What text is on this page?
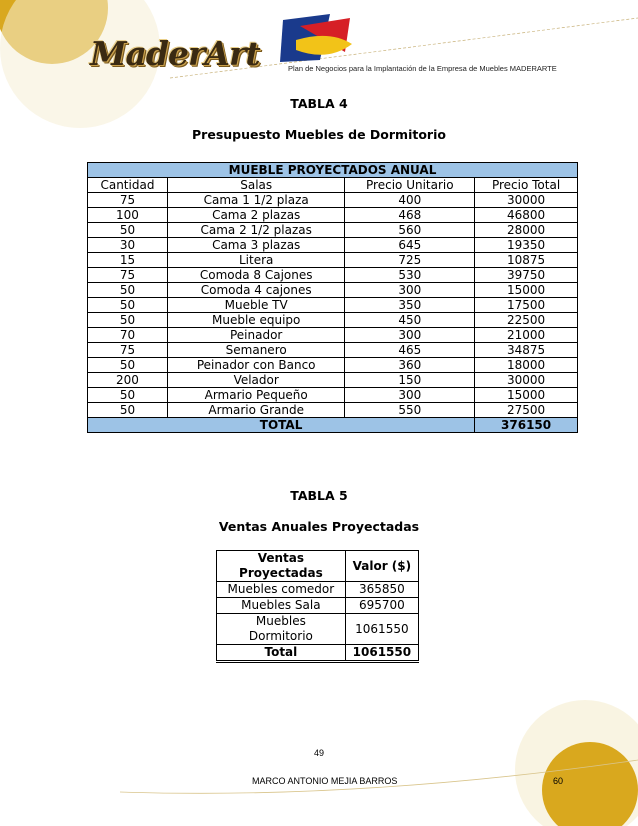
MaderArt	Plan de Negocios para la Implantación de la Empresa de Muebles MADERARTE
TABLA 4
Presupuesto Muebles de Dormitorio
MUEBLE PROYECTADOS ANUAL			
Cantidad	Salas	Precio Unitario	Precio Total
75	Cama 1 1/2 plaza	400	30000
100	Cama 2 plazas	468	46800
50	Cama 2 1/2 plazas	560	28000
30	Cama 3 plazas	645	19350
15	Litera	725	10875
75	Comoda 8 Cajones	530	39750
50	Comoda 4 cajones	300	15000
50	Mueble TV	350	17500
50	Mueble equipo	450	22500
70	Peinador	300	21000
75	Semanero	465	34875
50	Peinador con Banco	360	18000
200	Velador	150	30000
50	Armario Pequeño	300	15000
50	Armario Grande	550	27500
TOTAL			376150
TABLA 5
Ventas Anuales Proyectadas
Ventas
Proyectadas	Valor ($)
Muebles comedor	365850
Muebles Sala	695700
Muebles
Dormitorio	1061550
Total	1061550
49
MARCO ANTONIO MEJIA BARROS	60
